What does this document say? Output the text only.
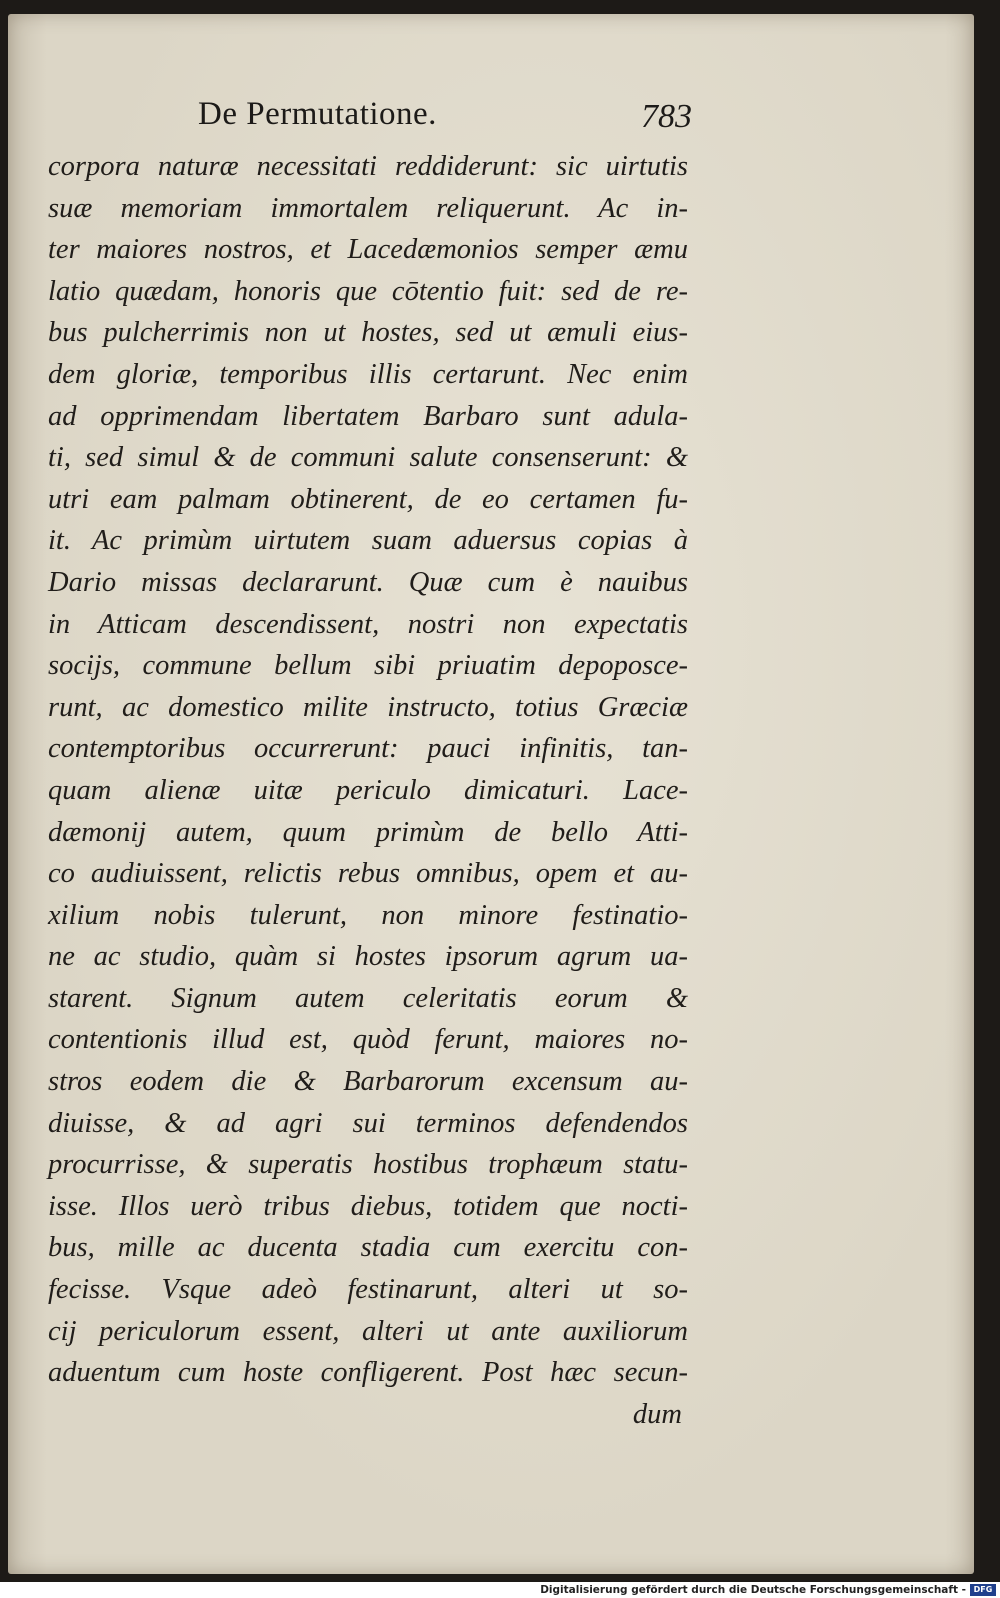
De Permutatione.	783
corpora naturæ necessitati reddiderunt: sic uirtutis
suæ memoriam immortalem reliquerunt. Ac in-
ter maiores nostros, et Lacedæmonios semper æmu
latio quædam, honoris que cōtentio fuit: sed de re-
bus pulcherrimis non ut hostes, sed ut æmuli eius-
dem gloriæ, temporibus illis certarunt. Nec enim
ad opprimendam libertatem Barbaro sunt adula-
ti, sed simul & de communi salute consenserunt: &
utri eam palmam obtinerent, de eo certamen fu-
it. Ac primùm uirtutem suam aduersus copias à
Dario missas declararunt. Quæ cum è nauibus
in Atticam descendissent, nostri non expectatis
socijs, commune bellum sibi priuatim depoposce-
runt, ac domestico milite instructo, totius Græciæ
contemptoribus occurrerunt: pauci infinitis, tan-
quam alienæ uitæ periculo dimicaturi. Lace-
dæmonij autem, quum primùm de bello Atti-
co audiuissent, relictis rebus omnibus, opem et au-
xilium nobis tulerunt, non minore festinatio-
ne ac studio, quàm si hostes ipsorum agrum ua-
starent. Signum autem celeritatis eorum &
contentionis illud est, quòd ferunt, maiores no-
stros eodem die & Barbarorum excensum au-
diuisse, & ad agri sui terminos defendendos
procurrisse, & superatis hostibus trophæum statu-
isse. Illos uerò tribus diebus, totidem que nocti-
bus, mille ac ducenta stadia cum exercitu con-
fecisse. Vsque adeò festinarunt, alteri ut so-
cij periculorum essent, alteri ut ante auxiliorum
aduentum cum hoste confligerent. Post hæc secun-
dum
Digitalisierung gefördert durch die Deutsche Forschungsgemeinschaft - DFG
